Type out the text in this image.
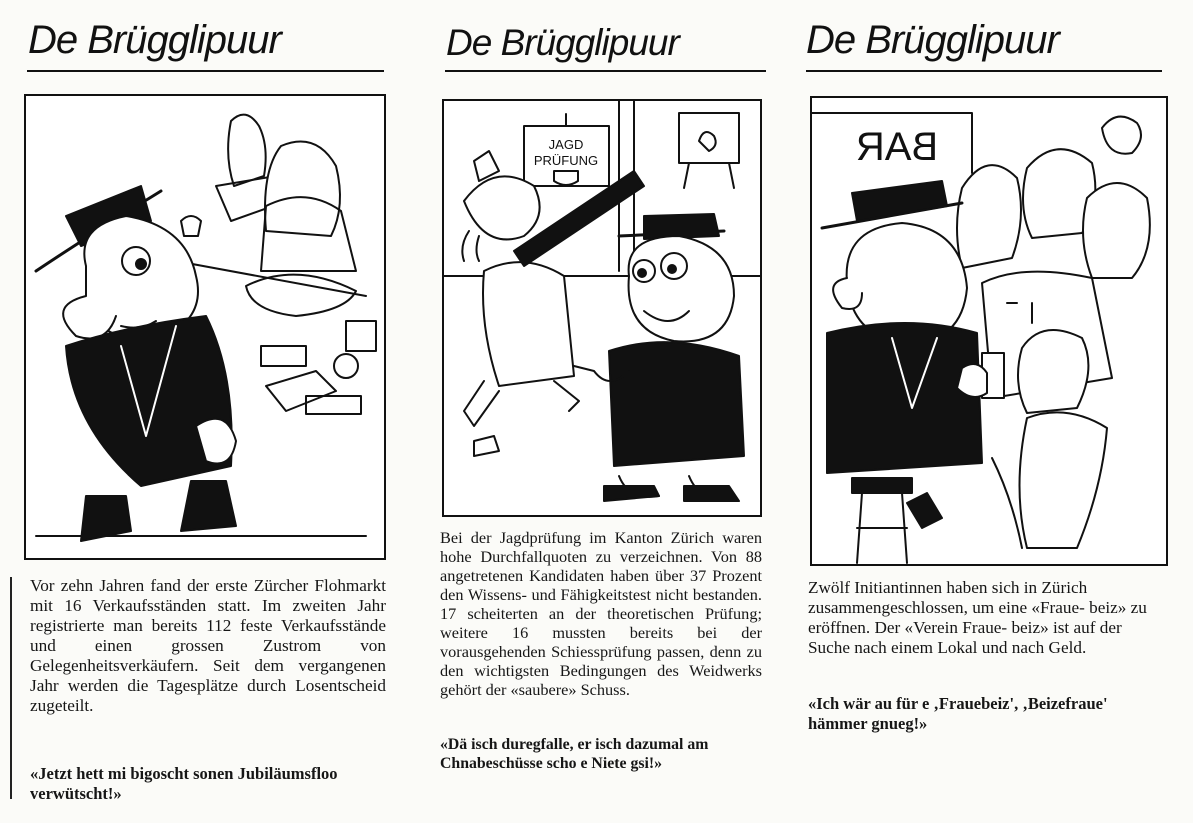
De Brügglipuur

Vor zehn Jahren fand der erste Zürcher Flohmarkt mit 16 Verkaufsständen statt. Im zweiten Jahr registrierte man bereits 112 feste Verkaufsstände und einen grossen Zustrom von Gelegenheitsverkäufern. Seit dem vergangenen Jahr werden die Tagesplätze durch Losentscheid zugeteilt.

«Jetzt hett mi bigoscht sonen Jubiläumsfloo verwütscht!»

De Brügglipuur
JAGD
PRÜFUNG

Bei der Jagdprüfung im Kanton Zürich waren hohe Durchfallquoten zu verzeichnen. Von 88 angetretenen Kandidaten haben über 37 Prozent den Wissens- und Fähigkeitstest nicht bestanden. 17 scheiterten an der theoretischen Prüfung; weitere 16 mussten bereits bei der vorausgehenden Schiessprüfung passen, denn zu den wichtigsten Bedingungen des Weidwerks gehört der «saubere» Schuss.

«Dä isch duregfalle, er isch dazumal am Chnabeschüsse scho e Niete gsi!»

De Brügglipuur
BAR

Zwölf Initiantinnen haben sich in Zürich zusammengeschlossen, um eine «Fraue- beiz» zu eröffnen. Der «Verein Fraue- beiz» ist auf der Suche nach einem Lokal und nach Geld.

«Ich wär au für e ‚Frauebeiz', ‚Beizefraue' hämmer gnueg!»
